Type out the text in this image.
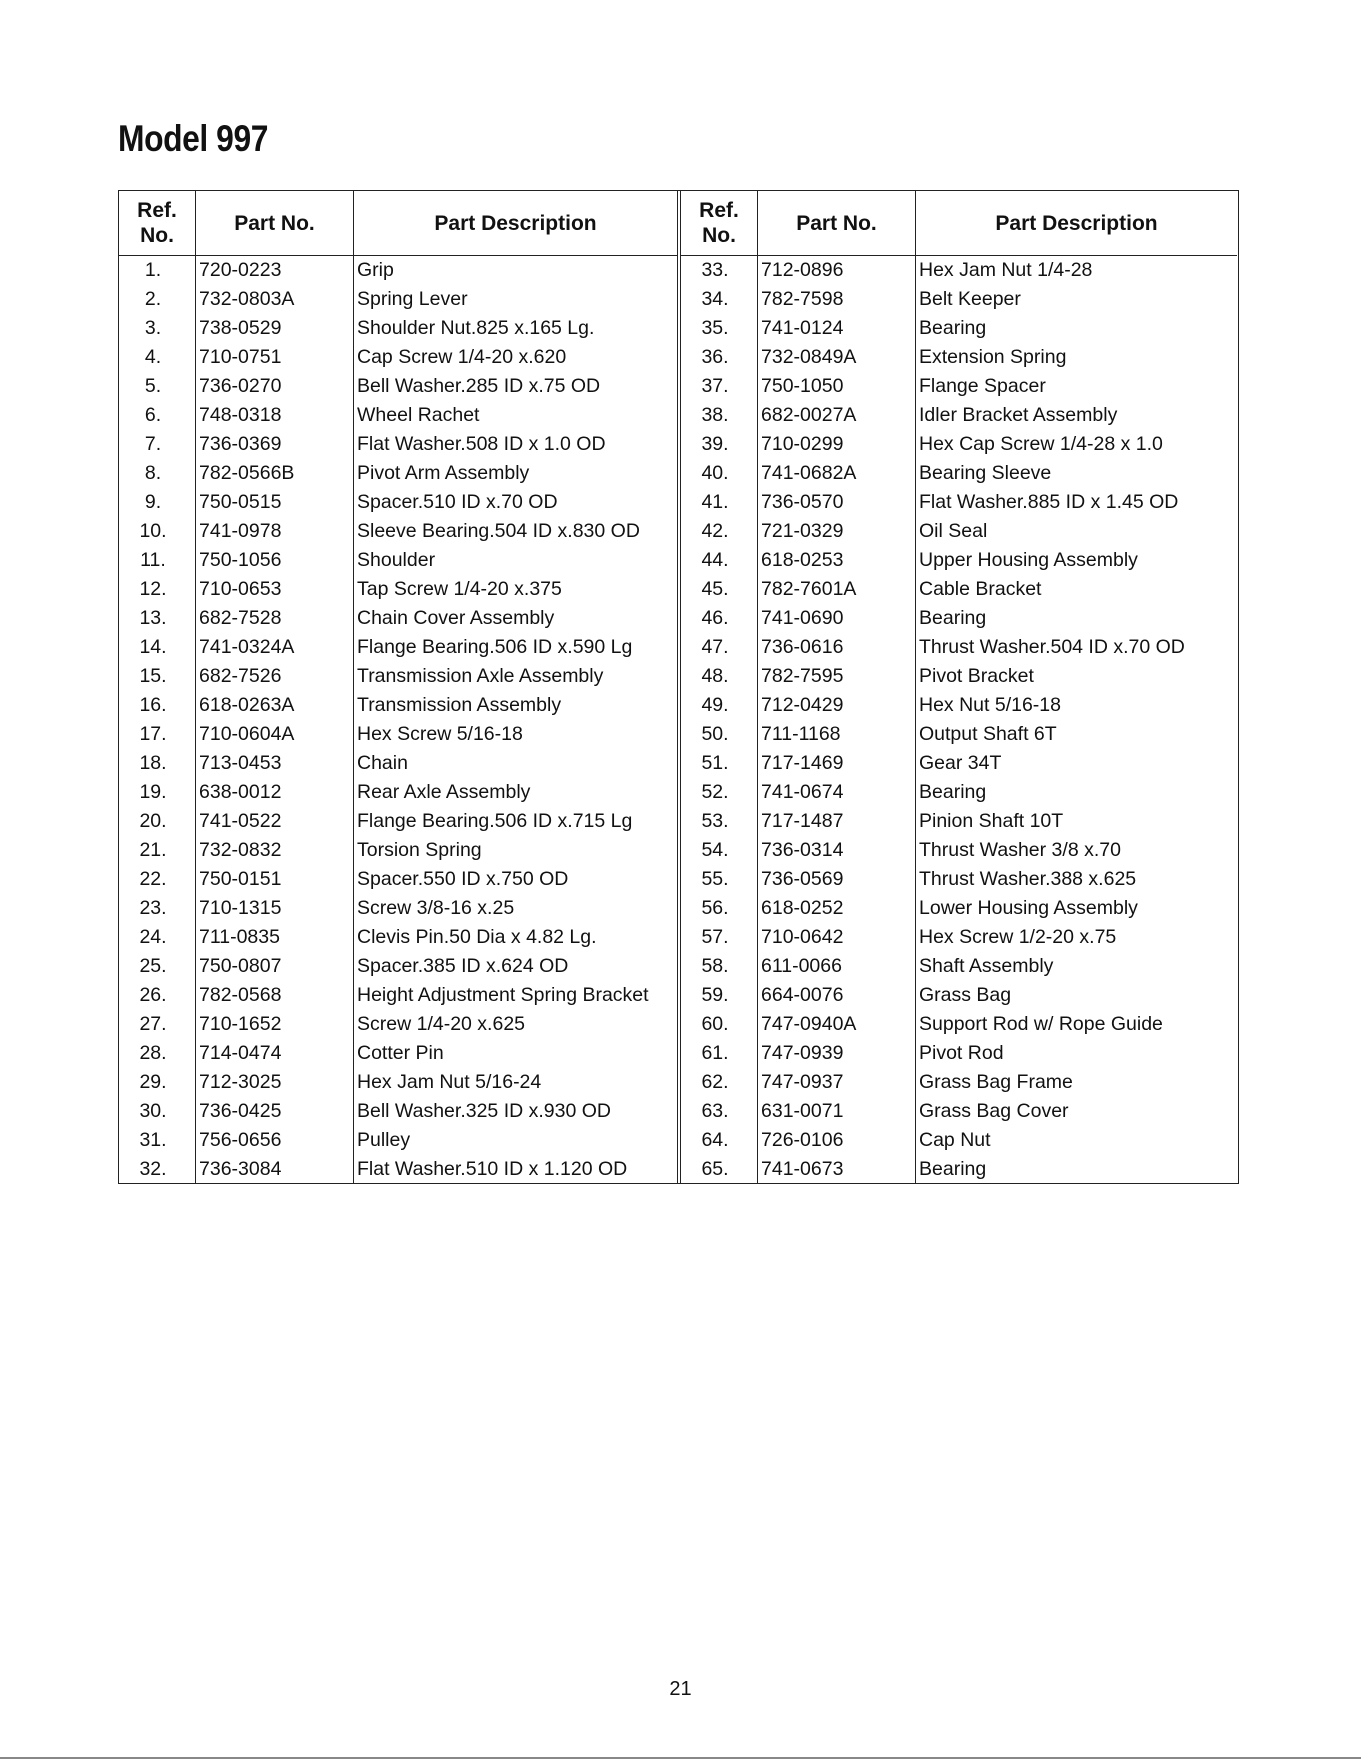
Model 997
Ref.
No.	Part No.	Part Description
1.	720-0223	Grip
2.	732-0803A	Spring Lever
3.	738-0529	Shoulder Nut.825 x.165 Lg.
4.	710-0751	Cap Screw 1/4-20 x.620
5.	736-0270	Bell Washer.285 ID x.75 OD
6.	748-0318	Wheel Rachet
7.	736-0369	Flat Washer.508 ID x 1.0 OD
8.	782-0566B	Pivot Arm Assembly
9.	750-0515	Spacer.510 ID x.70 OD
10.	741-0978	Sleeve Bearing.504 ID x.830 OD
11.	750-1056	Shoulder
12.	710-0653	Tap Screw 1/4-20 x.375
13.	682-7528	Chain Cover Assembly
14.	741-0324A	Flange Bearing.506 ID x.590 Lg
15.	682-7526	Transmission Axle Assembly
16.	618-0263A	Transmission Assembly
17.	710-0604A	Hex Screw 5/16-18
18.	713-0453	Chain
19.	638-0012	Rear Axle Assembly
20.	741-0522	Flange Bearing.506 ID x.715 Lg
21.	732-0832	Torsion Spring
22.	750-0151	Spacer.550 ID x.750 OD
23.	710-1315	Screw 3/8-16 x.25
24.	711-0835	Clevis Pin.50 Dia x 4.82 Lg.
25.	750-0807	Spacer.385 ID x.624 OD
26.	782-0568	Height Adjustment Spring Bracket
27.	710-1652	Screw 1/4-20 x.625
28.	714-0474	Cotter Pin
29.	712-3025	Hex Jam Nut 5/16-24
30.	736-0425	Bell Washer.325 ID x.930 OD
31.	756-0656	Pulley
32.	736-3084	Flat Washer.510 ID x 1.120 OD
Ref.
No.	Part No.	Part Description
33.	712-0896	Hex Jam Nut 1/4-28
34.	782-7598	Belt Keeper
35.	741-0124	Bearing
36.	732-0849A	Extension Spring
37.	750-1050	Flange Spacer
38.	682-0027A	Idler Bracket Assembly
39.	710-0299	Hex Cap Screw 1/4-28 x 1.0
40.	741-0682A	Bearing Sleeve
41.	736-0570	Flat Washer.885 ID x 1.45 OD
42.	721-0329	Oil Seal
44.	618-0253	Upper Housing Assembly
45.	782-7601A	Cable Bracket
46.	741-0690	Bearing
47.	736-0616	Thrust Washer.504 ID x.70 OD
48.	782-7595	Pivot Bracket
49.	712-0429	Hex Nut 5/16-18
50.	711-1168	Output Shaft 6T
51.	717-1469	Gear 34T
52.	741-0674	Bearing
53.	717-1487	Pinion Shaft 10T
54.	736-0314	Thrust Washer 3/8 x.70
55.	736-0569	Thrust Washer.388 x.625
56.	618-0252	Lower Housing Assembly
57.	710-0642	Hex Screw 1/2-20 x.75
58.	611-0066	Shaft Assembly
59.	664-0076	Grass Bag
60.	747-0940A	Support Rod w/ Rope Guide
61.	747-0939	Pivot Rod
62.	747-0937	Grass Bag Frame
63.	631-0071	Grass Bag Cover
64.	726-0106	Cap Nut
65.	741-0673	Bearing
21
